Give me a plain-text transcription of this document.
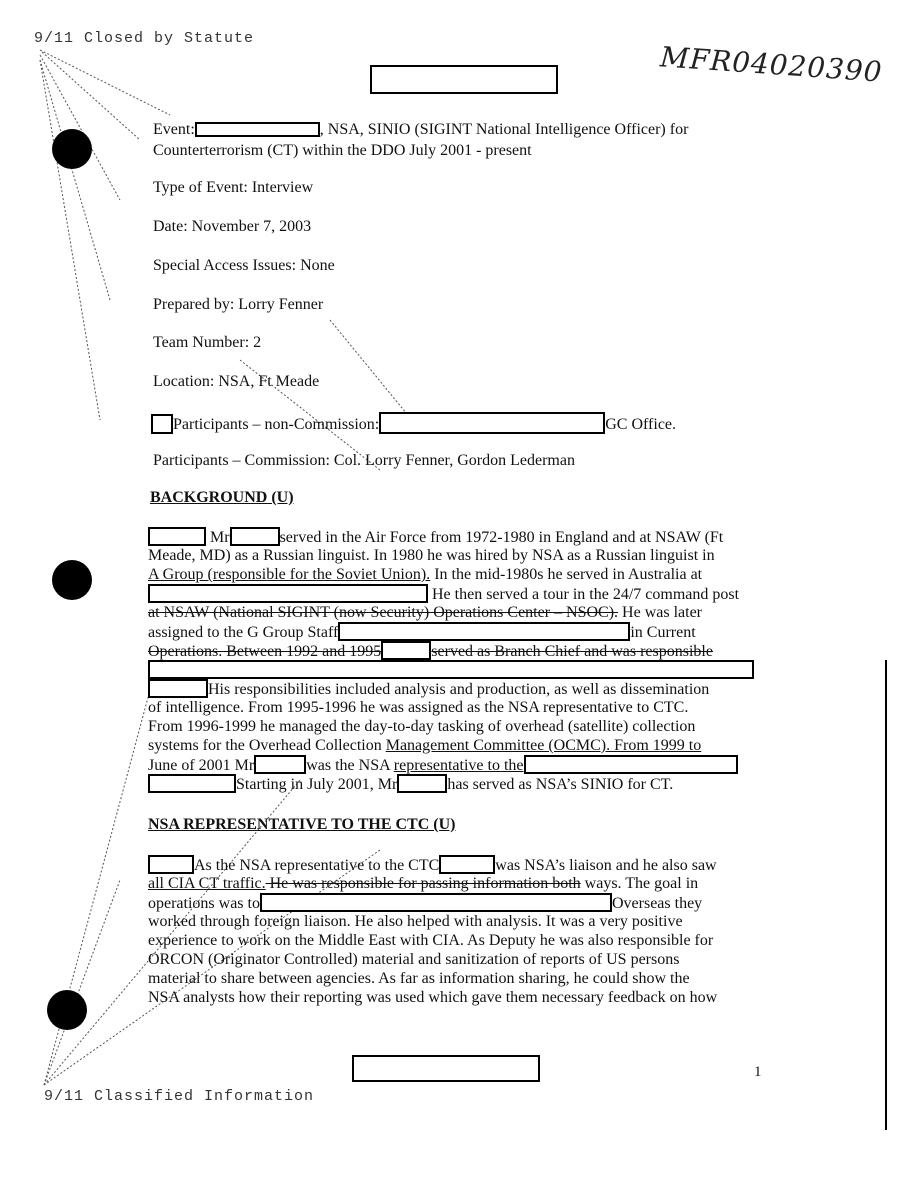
9/11 Closed by Statute
9/11 Classified Information
MFR04020390
Event:	, NSA, SINIO (SIGINT National Intelligence Officer) for
Counterterrorism (CT) within the DDO July 2001 - present
Type of Event: Interview
Date: November 7, 2003
Special Access Issues: None
Prepared by: Lorry Fenner
Team Number: 2
Location: NSA, Ft Meade
Participants – non-Commission:	GC Office.
Participants – Commission: Col. Lorry Fenner, Gordon Lederman
BACKGROUND (U)
Mr	served in the Air Force from 1972-1980 in England and at NSAW (Ft
Meade, MD) as a Russian linguist. In 1980 he was hired by NSA as a Russian linguist in
A Group (responsible for the Soviet Union). In the mid-1980s he served in Australia at
He then served a tour in the 24/7 command post
at NSAW (National SIGINT (now Security) Operations Center – NSOC). He was later
assigned to the G Group Staff	in Current
Operations. Between 1992 and 1995	served as Branch Chief and was responsible
His responsibilities included analysis and production, as well as dissemination
of intelligence. From 1995-1996 he was assigned as the NSA representative to CTC.
From 1996-1999 he managed the day-to-day tasking of overhead (satellite) collection
systems for the Overhead Collection Management Committee (OCMC). From 1999 to
June of 2001 Mr	was the NSA representative to the
Starting in July 2001, Mr	has served as NSA’s SINIO for CT.
NSA REPRESENTATIVE TO THE CTC (U)
As the NSA representative to the CTC	was NSA’s liaison and he also saw
all CIA CT traffic. He was responsible for passing information both ways. The goal in
operations was to	Overseas they
worked through foreign liaison. He also helped with analysis. It was a very positive
experience to work on the Middle East with CIA. As Deputy he was also responsible for
ORCON (Originator Controlled) material and sanitization of reports of US persons
material to share between agencies. As far as information sharing, he could show the
NSA analysts how their reporting was used which gave them necessary feedback on how
1
